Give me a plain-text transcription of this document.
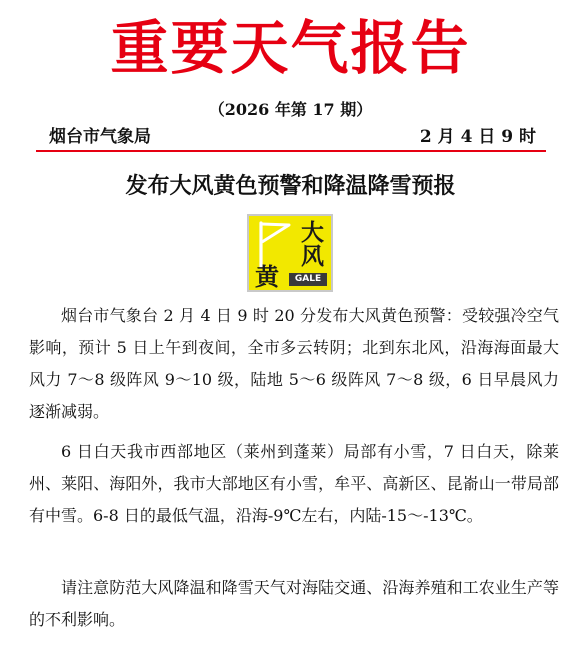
重要天气报告
（2026 年第 17 期）
烟台市气象局	2 月 4 日 9 时
发布大风黄色预警和降温降雪预报
大
风
黄	GALE

烟台市气象台 2 月 4 日 9 时 20 分发布大风黄色预警：受较强冷空气影响，预计 5 日上午到夜间，全市多云转阴；北到东北风，沿海海面最大风力 7～8 级阵风 9～10 级，陆地 5～6 级阵风 7～8 级，6 日早晨风力逐渐减弱。

6 日白天我市西部地区（莱州到蓬莱）局部有小雪，7 日白天，除莱州、莱阳、海阳外，我市大部地区有小雪，牟平、高新区、昆嵛山一带局部有中雪。6-8 日的最低气温，沿海-9℃左右，内陆-15～-13℃。

请注意防范大风降温和降雪天气对海陆交通、沿海养殖和工农业生产等的不利影响。
